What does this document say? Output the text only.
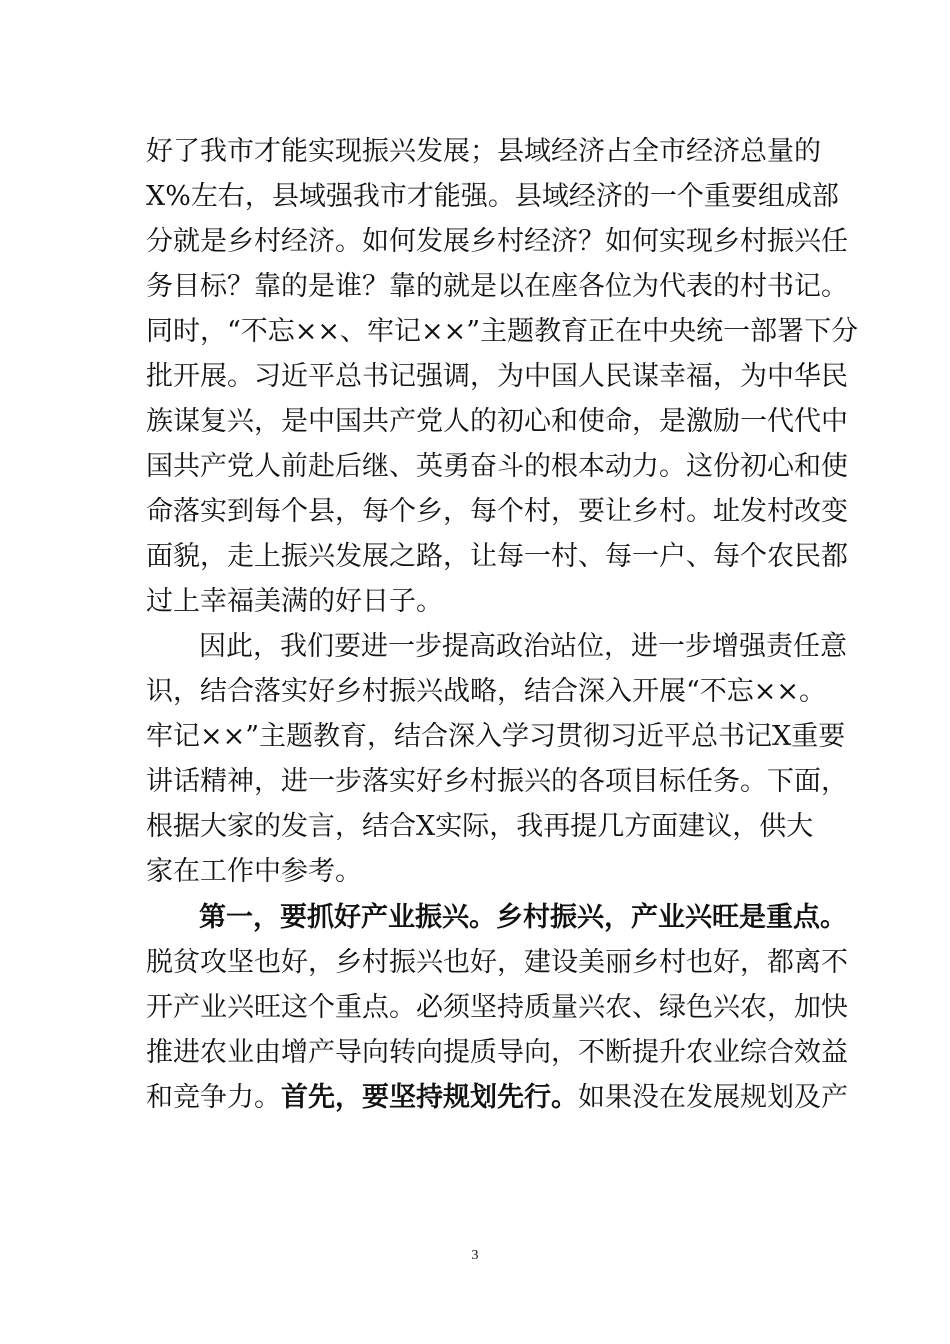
好了我市才能实现振兴发展；县域经济占全市经济总量的
X%左右，县域强我市才能强。县域经济的一个重要组成部
分就是乡村经济。如何发展乡村经济？如何实现乡村振兴任
务目标？靠的是谁？靠的就是以在座各位为代表的村书记。
同时，“不忘××、牢记××”主题教育正在中央统一部署下分
批开展。习近平总书记强调，为中国人民谋幸福，为中华民
族谋复兴，是中国共产党人的初心和使命，是激励一代代中
国共产党人前赴后继、英勇奋斗的根本动力。这份初心和使
命落实到每个县，每个乡，每个村，要让乡村。址发村改变
面貌，走上振兴发展之路，让每一村、每一户、每个农民都
过上幸福美满的好日子。
因此，我们要进一步提高政治站位，进一步增强责任意
识，结合落实好乡村振兴战略，结合深入开展“不忘××。
牢记××”主题教育，结合深入学习贯彻习近平总书记X重要
讲话精神，进一步落实好乡村振兴的各项目标任务。下面，
根据大家的发言，结合X实际，我再提几方面建议，供大
家在工作中参考。
第一，要抓好产业振兴。乡村振兴，产业兴旺是重点。
脱贫攻坚也好，乡村振兴也好，建设美丽乡村也好，都离不
开产业兴旺这个重点。必须坚持质量兴农、绿色兴农，加快
推进农业由增产导向转向提质导向，不断提升农业综合效益
和竞争力。首先，要坚持规划先行。如果没在发展规划及产
3
